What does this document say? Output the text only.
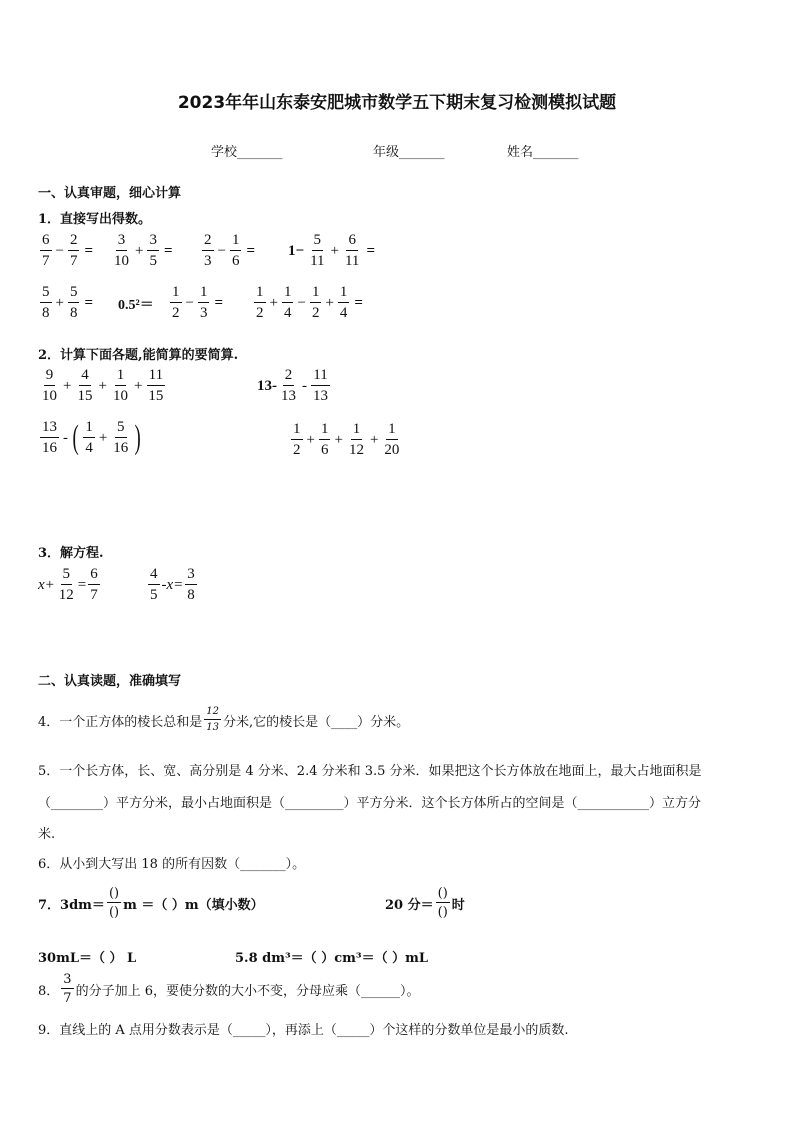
2023年年山东泰安肥城市数学五下期末复习检测模拟试题
学校_______	年级_______	姓名_______
一、认真审题，细心计算
1．直接写出得数。
$\frac{6}{7} - \frac{2}{7} = \frac{3}{10} + \frac{3}{5} = \frac{2}{3} - \frac{1}{6} = 1- \frac{5}{11} + \frac{6}{11}$ =
$\frac{5}{8} + \frac{5}{8} = 0.5^2= \frac{1}{2} - \frac{1}{3} = \frac{1}{2} + \frac{1}{4} - \frac{1}{2} + \frac{1}{4}$ =
2．计算下面各题,能简算的要简算.
$\frac{9}{10} + \frac{4}{15} + \frac{1}{10} + \frac{11}{15}$	$13- \frac{2}{13} - \frac{11}{13}$
$\frac{13}{16}$ - ( $\frac{1}{4} + \frac{5}{16}$ )	$\frac{1}{2} + \frac{1}{6} + \frac{1}{12} + \frac{1}{20}$
3．解方程.
$x+ \frac{5}{12} = \frac{6}{7}$	$\frac{4}{5} -x= \frac{3}{8}$
二、认真读题，准确填写
4．一个正方体的棱长总和是 $\frac{12}{13}$ 分米,它的棱长是（____）分米。
5．一个长方体，长、宽、高分别是 4 分米、2.4 分米和 3.5 分米．如果把这个长方体放在地面上，最大占地面积是
（________）平方分米，最小占地面积是（_________）平方分米．这个长方体所占的空间是（___________）立方分
米.
6．从小到大写出 18 的所有因数（_______）。
7．$3dm= \frac{()}{()}$ m ＝（ ）m（填小数）	20 分＝ $\frac{()}{()}$ 时
30mL＝（ ） L	5.8 dm³＝（ ）cm³＝（ ）mL
8． $\frac{3}{7}$ 的分子加上 6，要使分数的大小不变，分母应乘（______）。
9．直线上的 A 点用分数表示是（_____），再添上（_____）个这样的分数单位是最小的质数.
